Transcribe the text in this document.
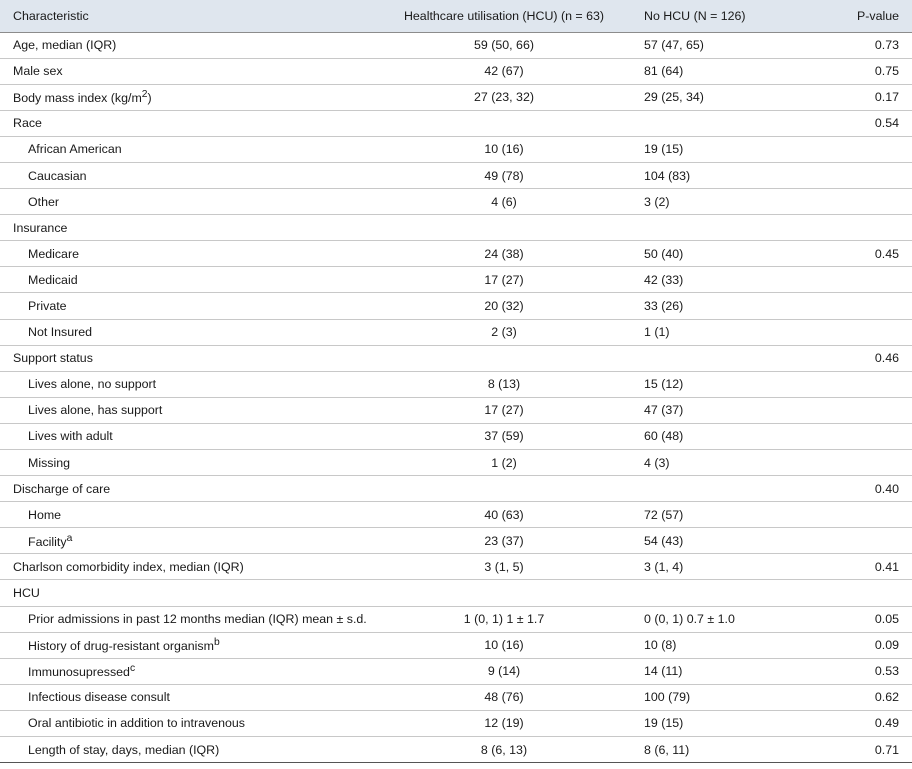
Characteristic	Healthcare utilisation (HCU) (n = 63)	No HCU (N = 126)	P-value
Age, median (IQR)	59 (50, 66)	57 (47, 65)	0.73
Male sex	42 (67)	81 (64)	0.75
Body mass index $(kg/m^2)$	27 (23, 32)	29 (25, 34)	0.17
Race			0.54
African American	10 (16)	19 (15)	
Caucasian	49 (78)	104 (83)	
Other	4 (6)	3 (2)	
Insurance			
Medicare	24 (38)	50 (40)	0.45
Medicaid	17 (27)	42 (33)	
Private	20 (32)	33 (26)	
Not Insured	2 (3)	1 (1)	
Support status			0.46
Lives alone, no support	8 (13)	15 (12)	
Lives alone, has support	17 (27)	47 (37)	
Lives with adult	37 (59)	60 (48)	
Missing	1 (2)	4 (3)	
Discharge of care			0.40
Home	40 (63)	72 (57)	
Facility$^a$	23 (37)	54 (43)	
Charlson comorbidity index, median (IQR)	3 (1, 5)	3 (1, 4)	0.41
HCU			
Prior admissions in past 12 months median (IQR) mean ± s.d.	1 (0, 1) 1 ± 1.7	0 (0, 1) 0.7 ± 1.0	0.05
History of drug-resistant organism$^b$	10 (16)	10 (8)	0.09
Immunosupressed$^c$	9 (14)	14 (11)	0.53
Infectious disease consult	48 (76)	100 (79)	0.62
Oral antibiotic in addition to intravenous	12 (19)	19 (15)	0.49
Length of stay, days, median (IQR)	8 (6, 13)	8 (6, 11)	0.71
